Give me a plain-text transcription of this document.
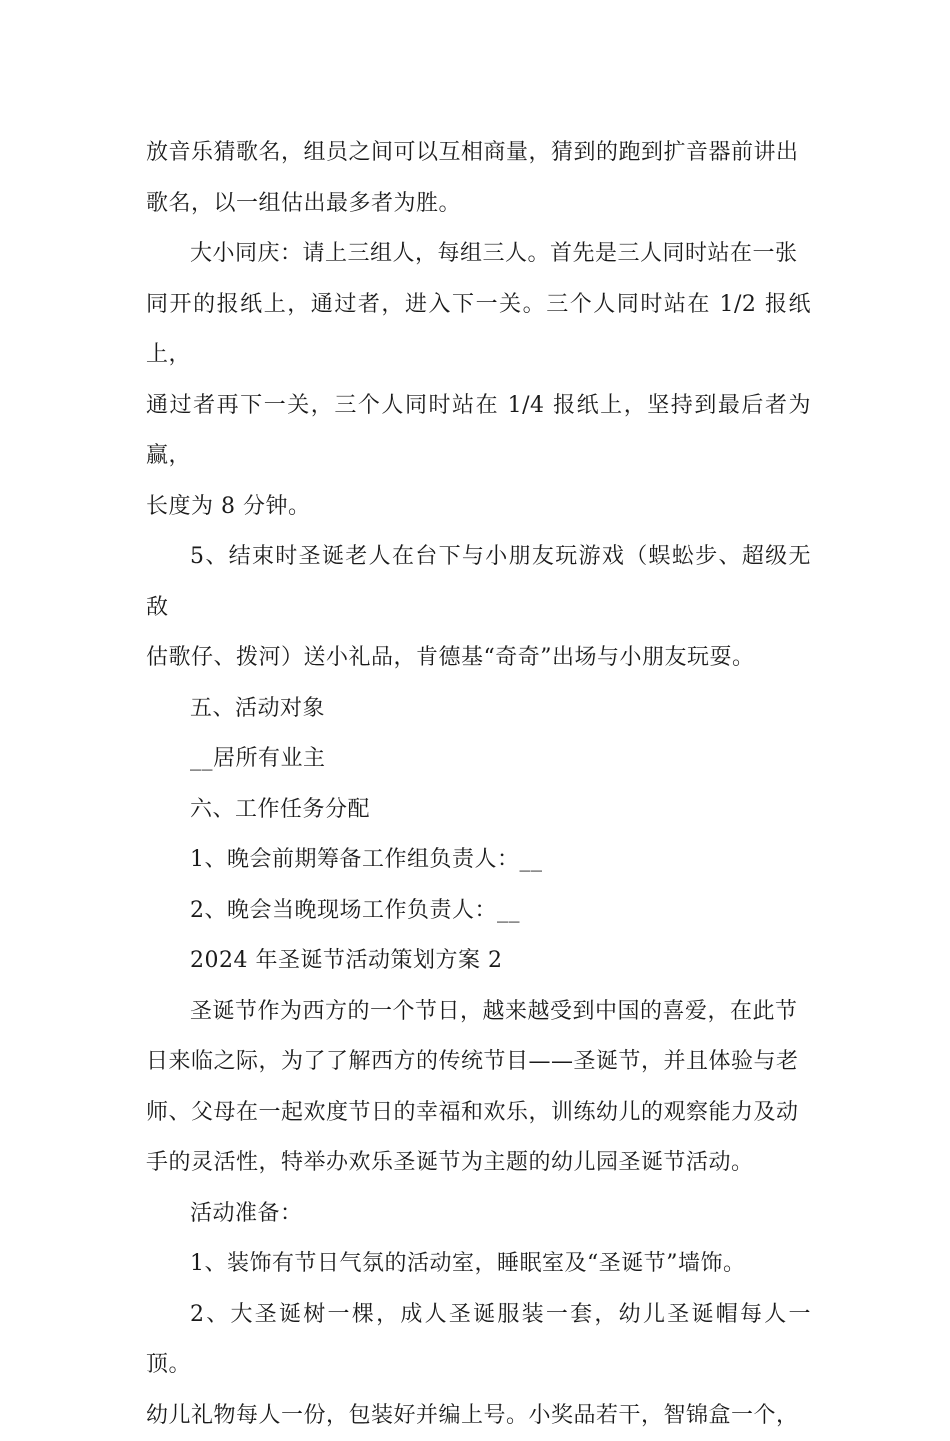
放音乐猜歌名，组员之间可以互相商量，猜到的跑到扩音器前讲出
歌名，以一组估出最多者为胜。

大小同庆：请上三组人，每组三人。首先是三人同时站在一张
同开的报纸上，通过者，进入下一关。三个人同时站在 1/2 报纸上，
通过者再下一关，三个人同时站在 1/4 报纸上，坚持到最后者为赢，
长度为 8 分钟。

5、结束时圣诞老人在台下与小朋友玩游戏（蜈蚣步、超级无敌
估歌仔、拨河）送小礼品，肯德基“奇奇”出场与小朋友玩耍。

五、活动对象

__居所有业主

六、工作任务分配

1、晚会前期筹备工作组负责人：__

2、晚会当晚现场工作负责人：__

2024 年圣诞节活动策划方案 2

圣诞节作为西方的一个节日，越来越受到中国的喜爱，在此节
日来临之际，为了了解西方的传统节目——圣诞节，并且体验与老
师、父母在一起欢度节日的幸福和欢乐，训练幼儿的观察能力及动
手的灵活性，特举办欢乐圣诞节为主题的幼儿园圣诞节活动。

活动准备：

1、装饰有节日气氛的活动室，睡眠室及“圣诞节”墙饰。

2、大圣诞树一棵，成人圣诞服装一套，幼儿圣诞帽每人一顶。
幼儿礼物每人一份，包装好并编上号。小奖品若干，智锦盒一个，
